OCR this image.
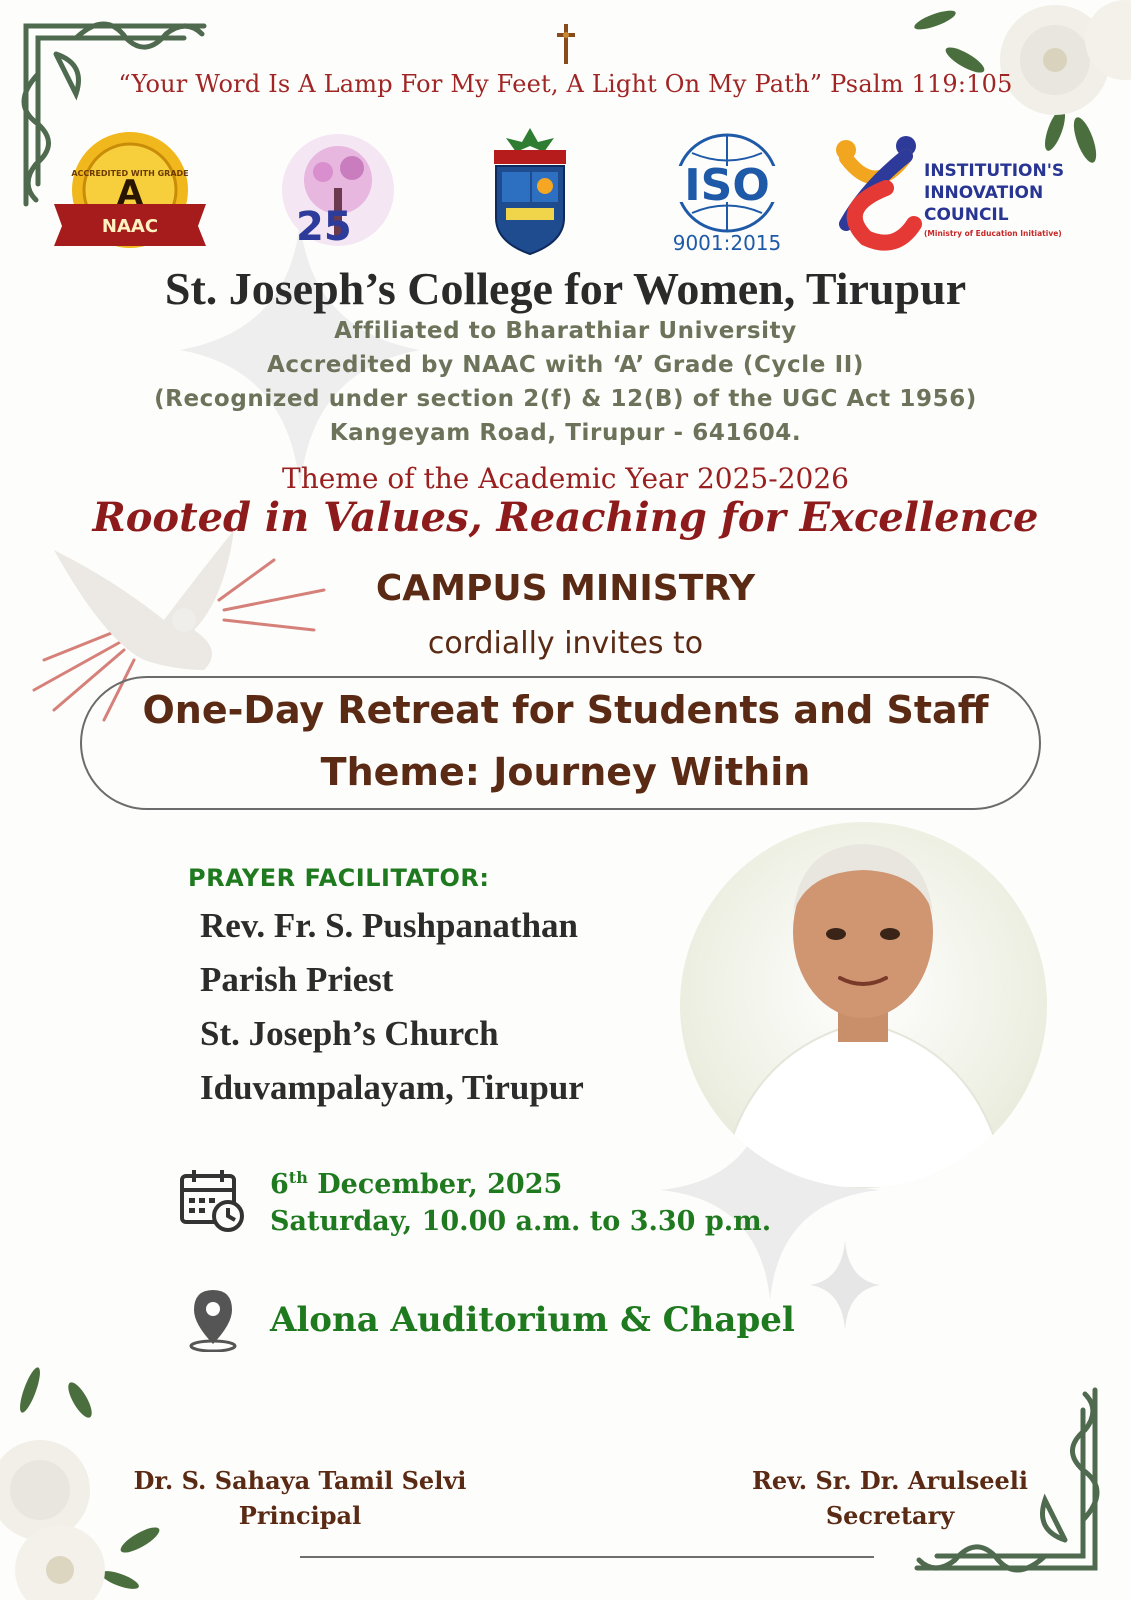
“Your Word Is A Lamp For My Feet, A Light On My Path” Psalm 119:105
ACCREDITED WITH GRADE
A
NAAC	25
ISO
9001:2015
INSTITUTION'S
INNOVATION
COUNCIL
(Ministry of Education Initiative)
St. Joseph’s College for Women, Tirupur
Affiliated to Bharathiar University
Accredited by NAAC with ‘A’ Grade (Cycle II)
(Recognized under section 2(f) & 12(B) of the UGC Act 1956)
Kangeyam Road, Tirupur - 641604.
Theme of the Academic Year 2025-2026
Rooted in Values, Reaching for Excellence
CAMPUS MINISTRY
cordially invites to
One-Day Retreat for Students and Staff
Theme: Journey Within
PRAYER FACILITATOR:
Rev. Fr. S. Pushpanathan
Parish Priest
St. Joseph’s Church
Iduvampalayam, Tirupur
6th December, 2025
Saturday, 10.00 a.m. to 3.30 p.m.
Alona Auditorium & Chapel
Dr. S. Sahaya Tamil Selvi
Principal
Rev. Sr. Dr. Arulseeli
Secretary
